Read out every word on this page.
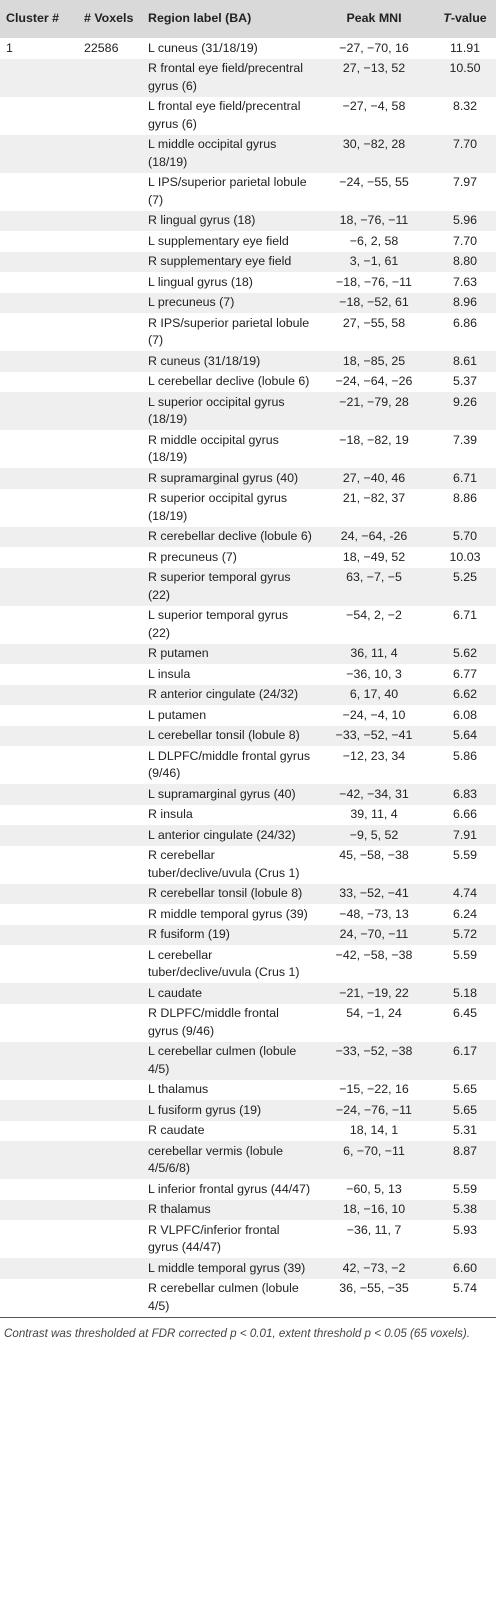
Cluster #	# Voxels	Region label (BA)	Peak MNI	T-value
1	22586	L cuneus (31/18/19)	−27, −70, 16	11.91
		R frontal eye field/precentral gyrus (6)	27, −13, 52	10.50
		L frontal eye field/precentral gyrus (6)	−27, −4, 58	8.32
		L middle occipital gyrus (18/19)	30, −82, 28	7.70
		L IPS/superior parietal lobule (7)	−24, −55, 55	7.97
		R lingual gyrus (18)	18, −76, −11	5.96
		L supplementary eye field	−6, 2, 58	7.70
		R supplementary eye field	3, −1, 61	8.80
		L lingual gyrus (18)	−18, −76, −11	7.63
		L precuneus (7)	−18, −52, 61	8.96
		R IPS/superior parietal lobule (7)	27, −55, 58	6.86
		R cuneus (31/18/19)	18, −85, 25	8.61
		L cerebellar declive (lobule 6)	−24, −64, −26	5.37
		L superior occipital gyrus (18/19)	−21, −79, 28	9.26
		R middle occipital gyrus (18/19)	−18, −82, 19	7.39
		R supramarginal gyrus (40)	27, −40, 46	6.71
		R superior occipital gyrus (18/19)	21, −82, 37	8.86
		R cerebellar declive (lobule 6)	24, −64, -26	5.70
		R precuneus (7)	18, −49, 52	10.03
		R superior temporal gyrus (22)	63, −7, −5	5.25
		L superior temporal gyrus (22)	−54, 2, −2	6.71
		R putamen	36, 11, 4	5.62
		L insula	−36, 10, 3	6.77
		R anterior cingulate (24/32)	6, 17, 40	6.62
		L putamen	−24, −4, 10	6.08
		L cerebellar tonsil (lobule 8)	−33, −52, −41	5.64
		L DLPFC/middle frontal gyrus (9/46)	−12, 23, 34	5.86
		L supramarginal gyrus (40)	−42, −34, 31	6.83
		R insula	39, 11, 4	6.66
		L anterior cingulate (24/32)	−9, 5, 52	7.91
		R cerebellar tuber/declive/uvula (Crus 1)	45, −58, −38	5.59
		R cerebellar tonsil (lobule 8)	33, −52, −41	4.74
		R middle temporal gyrus (39)	−48, −73, 13	6.24
		R fusiform (19)	24, −70, −11	5.72
		L cerebellar tuber/declive/uvula (Crus 1)	−42, −58, −38	5.59
		L caudate	−21, −19, 22	5.18
		R DLPFC/middle frontal gyrus (9/46)	54, −1, 24	6.45
		L cerebellar culmen (lobule 4/5)	−33, −52, −38	6.17
		L thalamus	−15, −22, 16	5.65
		L fusiform gyrus (19)	−24, −76, −11	5.65
		R caudate	18, 14, 1	5.31
		cerebellar vermis (lobule 4/5/6/8)	6, −70, −11	8.87
		L inferior frontal gyrus (44/47)	−60, 5, 13	5.59
		R thalamus	18, −16, 10	5.38
		R VLPFC/inferior frontal gyrus (44/47)	−36, 11, 7	5.93
		L middle temporal gyrus (39)	42, −73, −2	6.60
		R cerebellar culmen (lobule 4/5)	36, −55, −35	5.74
Contrast was thresholded at FDR corrected p < 0.01, extent threshold p < 0.05 (65 voxels).
